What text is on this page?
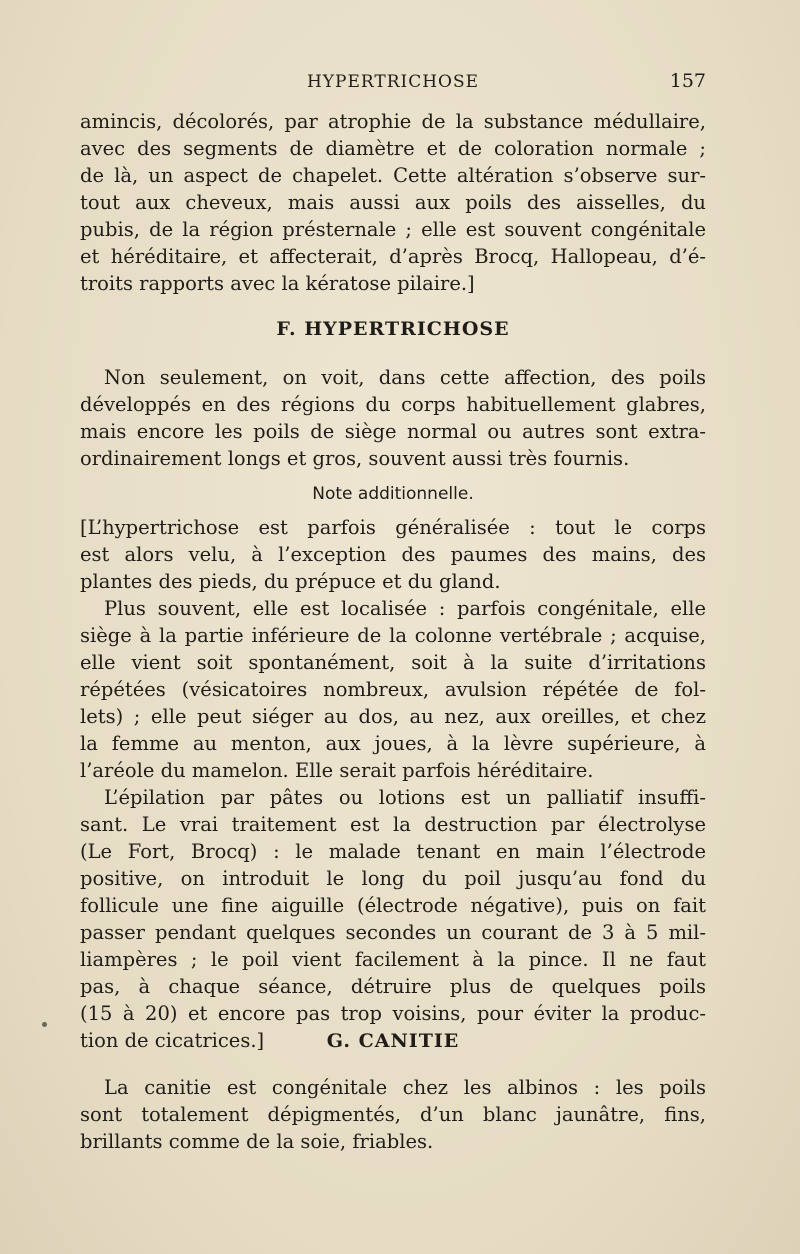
HYPERTRICHOSE	157
amincis, décolorés, par atrophie de la substance médullaire,
avec des segments de diamètre et de coloration normale ;
de là, un aspect de chapelet. Cette altération s’observe sur-
tout aux cheveux, mais aussi aux poils des aisselles, du
pubis, de la région présternale ; elle est souvent congénitale
et héréditaire, et affecterait, d’après Brocq, Hallopeau, d’é-
troits rapports avec la kératose pilaire.]
F. HYPERTRICHOSE
Non seulement, on voit, dans cette affection, des poils
développés en des régions du corps habituellement glabres,
mais encore les poils de siège normal ou autres sont extra-
ordinairement longs et gros, souvent aussi très fournis.
Note additionnelle.
[L’hypertrichose est parfois généralisée : tout le corps
est alors velu, à l’exception des paumes des mains, des
plantes des pieds, du prépuce et du gland.
Plus souvent, elle est localisée : parfois congénitale, elle
siège à la partie inférieure de la colonne vertébrale ; acquise,
elle vient soit spontanément, soit à la suite d’irritations
répétées (vésicatoires nombreux, avulsion répétée de fol-
lets) ; elle peut siéger au dos, au nez, aux oreilles, et chez
la femme au menton, aux joues, à la lèvre supérieure, à
l’aréole du mamelon. Elle serait parfois héréditaire.
L’épilation par pâtes ou lotions est un palliatif insuffi-
sant. Le vrai traitement est la destruction par électrolyse
(Le Fort, Brocq) : le malade tenant en main l’électrode
positive, on introduit le long du poil jusqu’au fond du
follicule une fine aiguille (électrode négative), puis on fait
passer pendant quelques secondes un courant de 3 à 5 mil-
liampères ; le poil vient facilement à la pince. Il ne faut
pas, à chaque séance, détruire plus de quelques poils
(15 à 20) et encore pas trop voisins, pour éviter la produc-
tion de cicatrices.]	G. CANITIE
La canitie est congénitale chez les albinos : les poils
sont totalement dépigmentés, d’un blanc jaunâtre, fins,
brillants comme de la soie, friables.
